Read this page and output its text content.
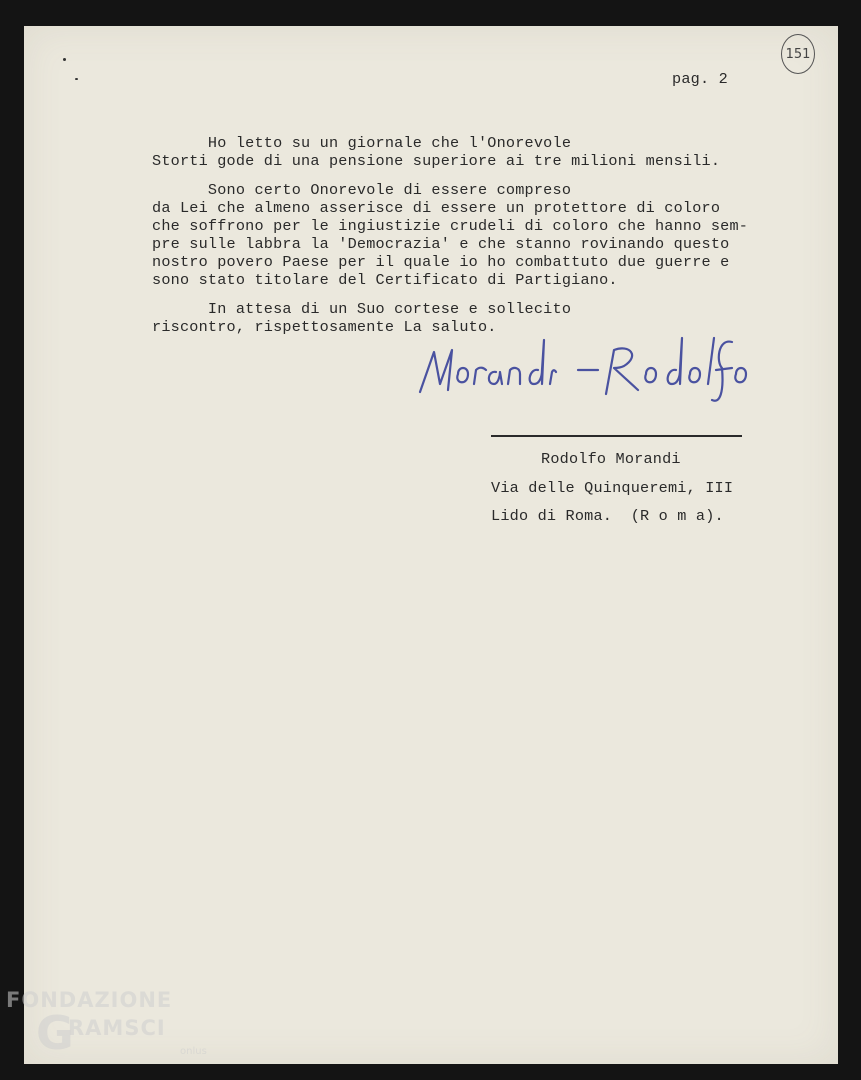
151
pag. 2
Ho letto su un giornale che l'Onorevole
Storti gode di una pensione superiore ai tre milioni mensili.
Sono certo Onorevole di essere compreso
da Lei che almeno asserisce di essere un protettore di coloro
che soffrono per le ingiustizie crudeli di coloro che hanno sem-
pre sulle labbra la 'Democrazia' e che stanno rovinando questo
nostro povero Paese per il quale io ho combattuto due guerre e
sono stato titolare del Certificato di Partigiano.
In attesa di un Suo cortese e sollecito
riscontro, rispettosamente La saluto.
Rodolfo Morandi
Via delle Quinqueremi, III
Lido di Roma.  (R o m a).
FONDAZIONE
G
RAMSCI
onlus
